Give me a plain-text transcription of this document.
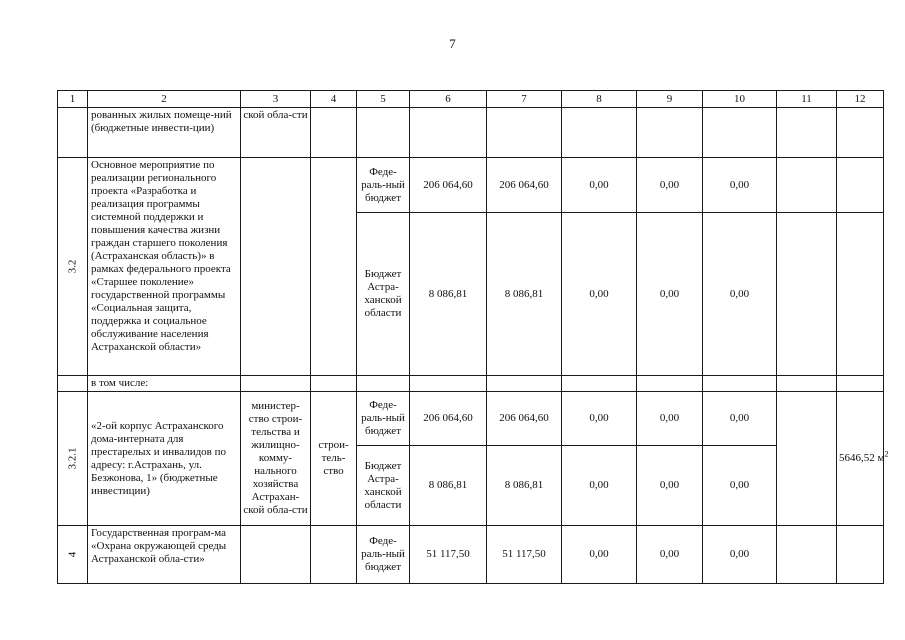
7
1	2	3	4	5	6	7	8	9	10	11	12
	рованных жилых помеще-ний (бюджетные инвести-ции)	ской обла-сти									
3.2	Основное мероприятие по реализации регионального проекта «Разработка и реализация программы системной поддержки и повышения качества жизни граждан старшего поколения (Астраханская область)» в рамках федерального проекта «Старшее поколение» государственной программы «Социальная защита, поддержка и социальное обслуживание населения Астраханской области»			Феде-раль-ный бюджет	206 064,60	206 064,60	0,00	0,00	0,00		
				Бюджет Астра-ханской области	8 086,81	8 086,81	0,00	0,00	0,00		
	в том числе:										
3.2.1	«2-ой корпус Астраханского дома-интерната для престарелых и инвалидов по адресу: г.Астрахань, ул. Безжонова, 1» (бюджетные инвестиции)	министер-ство строи-тельства и жилищно-комму-нального хозяйства Астрахан-ской обла-сти	строи-тель-ство	Феде-раль-ный бюджет	206 064,60	206 064,60	0,00	0,00	0,00		5646,52 $м^2$
				Бюджет Астра-ханской области	8 086,81	8 086,81	0,00	0,00	0,00		
4	Государственная програм-ма «Охрана окружающей среды Астраханской обла-сти»			Феде-раль-ный бюджет	51 117,50	51 117,50	0,00	0,00	0,00		
